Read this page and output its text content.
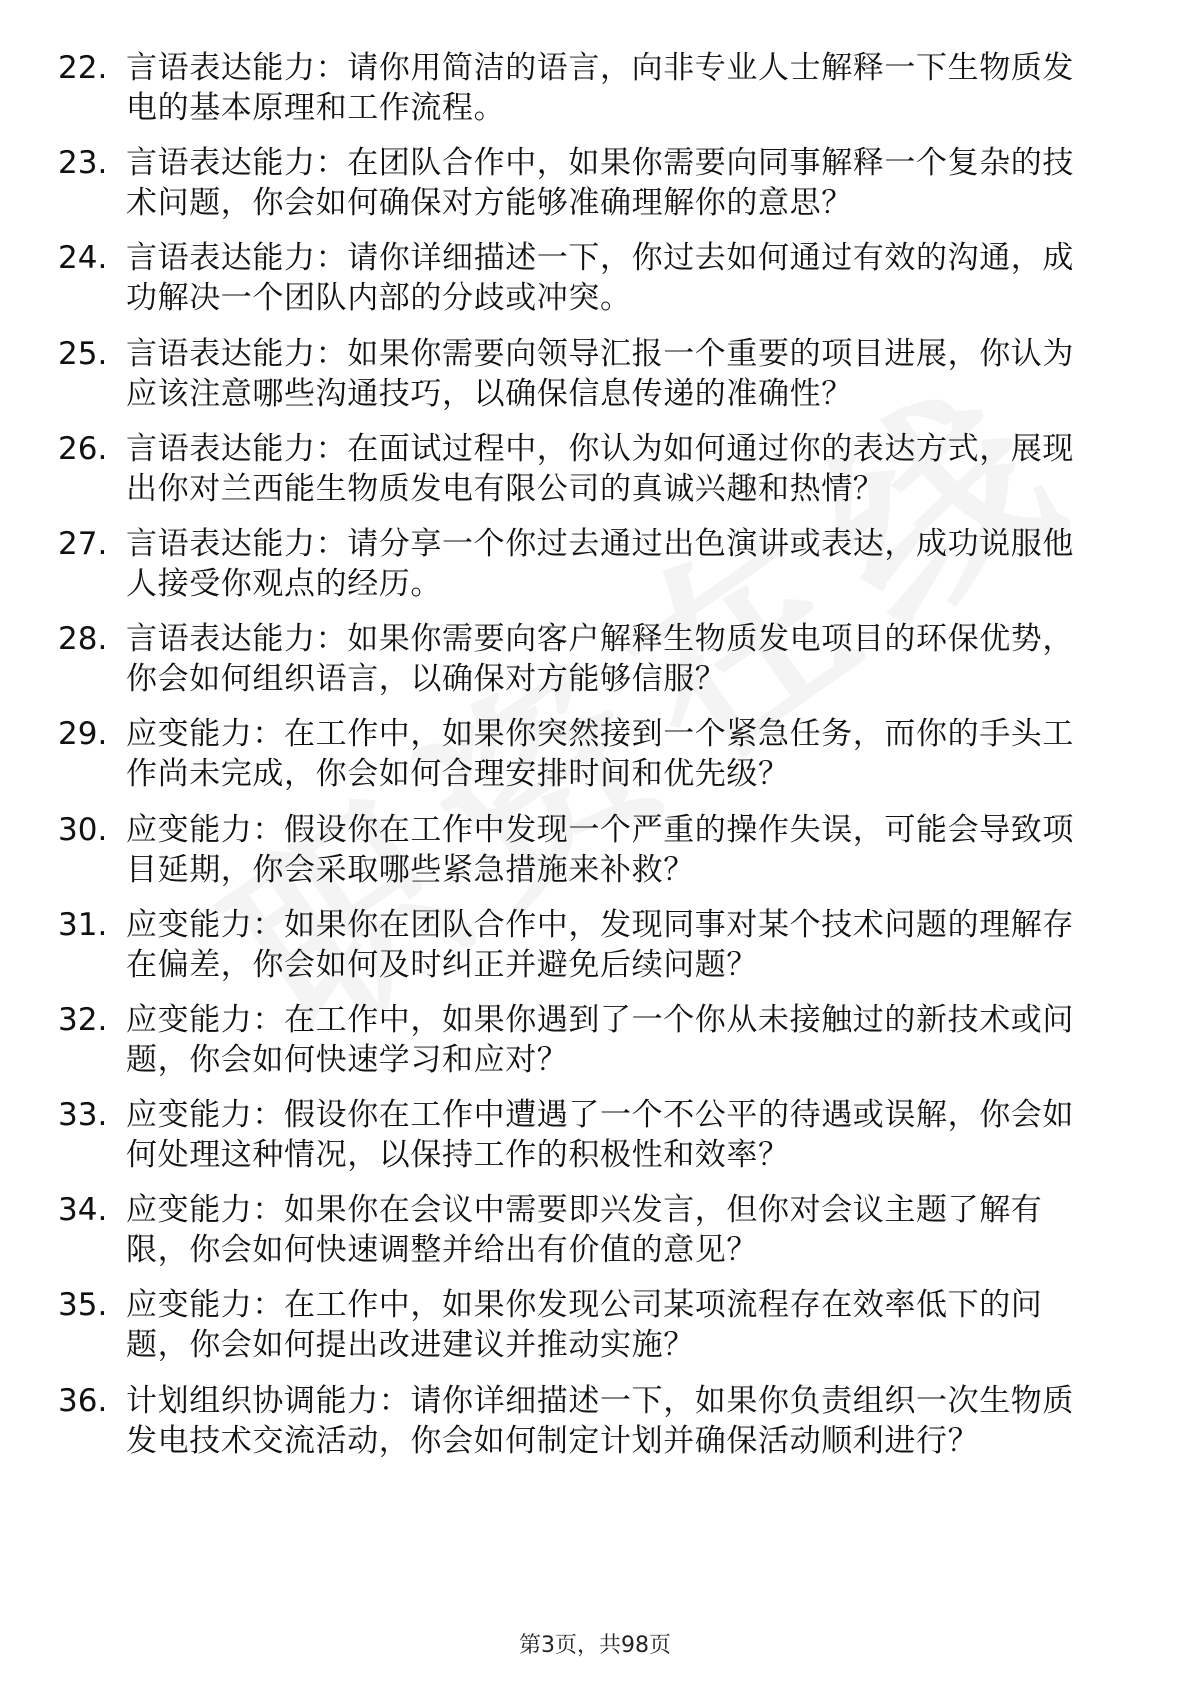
22. 言语表达能力：请你用简洁的语言，向非专业人士解释一下生物质发电的基本原理和工作流程。
23. 言语表达能力：在团队合作中，如果你需要向同事解释一个复杂的技术问题，你会如何确保对方能够准确理解你的意思？
24. 言语表达能力：请你详细描述一下，你过去如何通过有效的沟通，成功解决一个团队内部的分歧或冲突。
25. 言语表达能力：如果你需要向领导汇报一个重要的项目进展，你认为应该注意哪些沟通技巧，以确保信息传递的准确性？
26. 言语表达能力：在面试过程中，你认为如何通过你的表达方式，展现出你对兰西能生物质发电有限公司的真诚兴趣和热情？
27. 言语表达能力：请分享一个你过去通过出色演讲或表达，成功说服他人接受你观点的经历。
28. 言语表达能力：如果你需要向客户解释生物质发电项目的环保优势，你会如何组织语言，以确保对方能够信服？
29. 应变能力：在工作中，如果你突然接到一个紧急任务，而你的手头工作尚未完成，你会如何合理安排时间和优先级？
30. 应变能力：假设你在工作中发现一个严重的操作失误，可能会导致项目延期，你会采取哪些紧急措施来补救？
31. 应变能力：如果你在团队合作中，发现同事对某个技术问题的理解存在偏差，你会如何及时纠正并避免后续问题？
32. 应变能力：在工作中，如果你遇到了一个你从未接触过的新技术或问题，你会如何快速学习和应对？
33. 应变能力：假设你在工作中遭遇了一个不公平的待遇或误解，你会如何处理这种情况，以保持工作的积极性和效率？
34. 应变能力：如果你在会议中需要即兴发言，但你对会议主题了解有限，你会如何快速调整并给出有价值的意见？
35. 应变能力：在工作中，如果你发现公司某项流程存在效率低下的问题，你会如何提出改进建议并推动实施？
36. 计划组织协调能力：请你详细描述一下，如果你负责组织一次生物质发电技术交流活动，你会如何制定计划并确保活动顺利进行？
第3页，共98页
